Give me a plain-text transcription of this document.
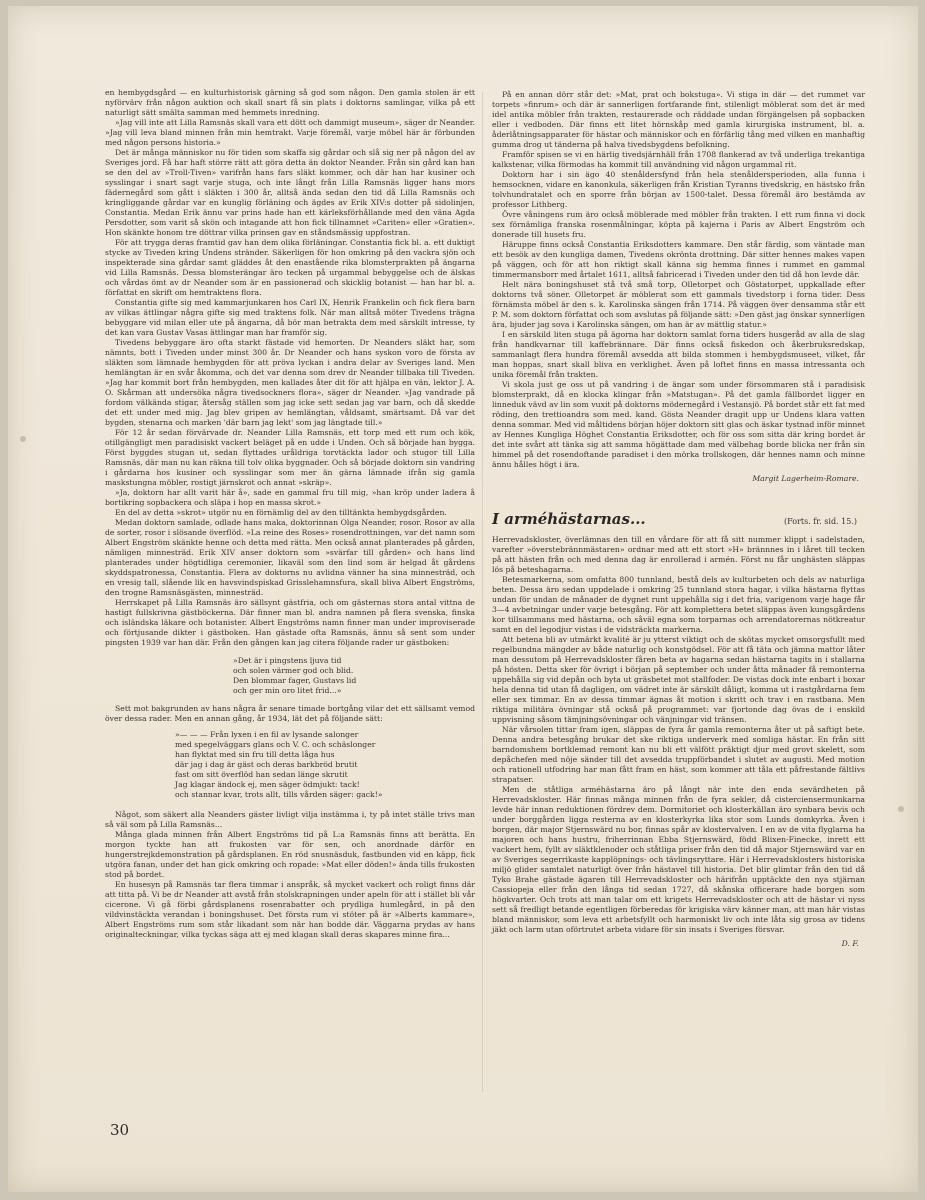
en hembygdsgård — en kulturhistorisk gärning så god som någon. Den gamla stolen är ett nyförvärv från någon auktion och skall snart få sin plats i doktorns samlingar, vilka på ett naturligt sätt smälta samman med hemmets inredning.

»Jag vill inte att Lilla Ramsnäs skall vara ett dött och dammigt museum», säger dr Neander. »Jag vill leva bland minnen från min hemtrakt. Varje föremål, varje möbel här är förbunden med någon persons historia.»

Det är många människor nu för tiden som skaffa sig gårdar och slå sig ner på någon del av Sveriges jord. Få har haft större rätt att göra detta än doktor Neander. Från sin gård kan han se den del av »Troll-Tiven» varifrån hans fars släkt kommer, och där han har kusiner och sysslingar i snart sagt varje stuga, och inte långt från Lilla Ramsnäs ligger hans mors fädernegård som gått i släkten i 300 år, alltså ända sedan den tid då Lilla Ramsnäs och kringliggande gårdar var en kunglig förläning och ägdes av Erik XIV:s dotter på sidolinjen, Constantia. Medan Erik ännu var prins hade han ett kärleksförhållande med den väna Agda Persdotter, som varit så skön och intagande att hon fick tillnamnet »Cariten» eller »Gratien». Hon skänkte honom tre döttrar vilka prinsen gav en ståndsmässig uppfostran.

För att trygga deras framtid gav han dem olika förläningar. Constantia fick bl. a. ett duktigt stycke av Tiveden kring Undens stränder. Säkerligen för hon omkring på den vackra sjön och inspekterade sina gårdar samt gläddes åt den enastående rika blomsterprakten på ängarna vid Lilla Ramsnäs. Dessa blomsterängar äro tecken på urgammal bebyggelse och de älskas och vårdas ömt av dr Neander som är en passionerad och skicklig botanist — han har bl. a. författat en skrift om hemtraktens flora.

Constantia gifte sig med kammarjunkaren hos Carl IX, Henrik Frankelin och fick flera barn av vilkas ättlingar några gifte sig med traktens folk. När man alltså möter Tivedens trägna bebyggare vid milan eller ute på ängarna, då bör man betrakta dem med särskilt intresse, ty det kan vara Gustav Vasas ättlingar man har framför sig.

Tivedens bebyggare äro ofta starkt fästade vid hemorten. Dr Neanders släkt har, som nämnts, bott i Tiveden under minst 300 år. Dr Neander och hans syskon voro de första av släkten som lämnade hembygden för att pröva lyckan i andra delar av Sveriges land. Men hemlängtan är en svår åkomma, och det var denna som drev dr Neander tillbaka till Tiveden. »Jag har kommit bort från hembygden, men kallades åter dit för att hjälpa en vän, lektor J. A. O. Skårman att undersöka några tivedsockners flora», säger dr Neander. »Jag vandrade på fordom välkända stigar, återsåg ställen som jag icke sett sedan jag var barn, och då skedde det ett under med mig. Jag blev gripen av hemlängtan, våldsamt, smärtsamt. Då var det bygden, stenarna och marken 'där barn jag lekt' som jag längtade till.»

För 12 år sedan förvärvade dr. Neander Lilla Ramsnäs, ett torp med ett rum och kök, otillgängligt men paradisiskt vackert beläget på en udde i Unden. Och så började han bygga. Först byggdes stugan ut, sedan flyttades uråldriga torvtäckta lador och stugor till Lilla Ramsnäs, där man nu kan räkna till tolv olika byggnader. Och så började doktorn sin vandring i gårdarna hos kusiner och sysslingar som mer än gärna lämnade ifrån sig gamla maskstungna möbler, rostigt järnskrot och annat »skräp».

»Ja, doktorn har allt varit här å», sade en gammal fru till mig, »han kröp under ladera å bortikring sopbackera och släpa i hop en massa skrot.»

En del av detta »skrot» utgör nu en förnämlig del av den tilltänkta hembygdsgården.

Medan doktorn samlade, odlade hans maka, doktorinnan Olga Neander, rosor. Rosor av alla de sorter, rosor i slösande överflöd. »La reine des Roses» rosendrottningen, var det namn som Albert Engström skänkte henne och detta med rätta. Men också annat planterades på gården, nämligen minnesträd. Erik XIV anser doktorn som »svärfar till gården» och hans lind planterades under högtidliga ceremonier, likaväl som den lind som är helgad åt gårdens skyddspatronessa, Constantia. Flera av doktorns nu avlidna vänner ha sina minnesträd, och en vresig tall, slående lik en havsvindspiskad Grisslehamnsfura, skall bliva Albert Engströms, den trogne Ramsnäsgästen, minnesträd.

Herrskapet på Lilla Ramsnäs äro sällsynt gästfria, och om gästernas stora antal vittna de hastigt fullskrivna gästböckerna. Där finner man bl. andra namnen på flera svenska, finska och isländska läkare och botanister. Albert Engströms namn finner man under improviserade och förtjusande dikter i gästboken. Han gästade ofta Ramsnäs, ännu så sent som under pingsten 1939 var han där. Från den gången kan jag citera följande rader ur gästboken:

»Det är i pingstens ljuva tid
och solen värmer god och blid.
Den blommar fager, Gustavs lid
och ger min oro litet frid...»

Sett mot bakgrunden av hans några år senare timade bortgång vilar det ett sällsamt vemod över dessa rader. Men en annan gång, år 1934, lät det på följande sätt:

»— — — Från lyxen i en fil av lysande salonger
med spegelväggars glans och V. C. och schäslonger
han flyktat med sin fru till detta låga hus
där jag i dag är gäst och deras barkbröd brutit
fast om sitt överflöd han sedan länge skrutit
Jag klagar ändock ej, men säger ödmjukt: tack!
och stannar kvar, trots allt, tills vården säger: gack!»

Något, som säkert alla Neanders gäster livligt vilja instämma i, ty på intet ställe trivs man så väl som på Lilla Ramsnäs...

Många glada minnen från Albert Engströms tid på L:a Ramsnäs finns att berätta. En morgon tyckte han att frukosten var för sen, och anordnade därför en hungerstrejkdemonstration på gårdsplanen. En röd snusnäsduk, fastbunden vid en käpp, fick utgöra fanan, under det han gick omkring och ropade: »Mat eller döden!» ända tills frukosten stod på bordet.

En husesyn på Ramsnäs tar flera timmar i anspråk, så mycket vackert och roligt finns där att titta på. Vi be dr Neander att avstå från stolskrapningen under apeln för att i stället bli vår cicerone. Vi gå förbi gårdsplanens rosenrabatter och prydliga humlegård, in på den vildvinstäckta verandan i boningshuset. Det första rum vi stöter på är »Alberts kammare», Albert Engströms rum som står likadant som när han bodde där. Väggarna prydas av hans originalteckningar, vilka tyckas säga att ej med klagan skall deras skapares minne fira...

30

På en annan dörr står det: »Mat, prat och bokstuga». Vi stiga in där — det rummet var torpets »finrum» och där är sannerligen fortfarande fint, stilenligt möblerat som det är med idel antika möbler från trakten, restaurerade och räddade undan förgängelsen på sopbacken eller i vedboden. Där finns ett litet hörnskåp med gamla kirurgiska instrument, bl. a. åderlåtningsapparater för hästar och människor och en förfärlig tång med vilken en manhaftig gumma drog ut tänderna på halva tivedsbygdens befolkning.

Framför spisen se vi en härlig tivedsjärnhäll från 1708 flankerad av två underliga trekantiga kalkstenar, vilka förmodas ha kommit till användning vid någon urgammal rit.

Doktorn har i sin ägo 40 stenåldersfynd från hela stenåldersperioden, alla funna i hemsocknen, vidare en kanonkula, säkerligen från Kristian Tyranns tivedskrig, en hästsko från tolvhundratalet och en sporre från början av 1500-talet. Dessa föremål äro bestämda av professor Lithberg.

Övre våningens rum äro också möblerade med möbler från trakten. I ett rum finna vi dock sex förnämliga franska rosenmålningar, köpta på kajerna i Paris av Albert Engström och donerade till husets fru.

Häruppe finns också Constantia Eriksdotters kammare. Den står färdig, som väntade man ett besök av den kungliga damen, Tivedens okrönta drottning. Där sitter hennes makes vapen på väggen, och för att hon riktigt skall känna sig hemma finnes i rummet en gammal timmermansborr med årtalet 1611, alltså fabricerad i Tiveden under den tid då hon levde där.

Helt nära boningshuset stå två små torp, Olletorpet och Göstatorpet, uppkallade efter doktorns två söner. Olletorpet är möblerat som ett gammals tivedstorp i forna tider. Dess förnämsta möbel är den s. k. Karolinska sängen från 1714. På väggen över densamma står ett P. M. som doktorn författat och som avslutas på följande sätt: »Den gäst jag önskar synnerligen ära, bjuder jag sova i Karolinska sängen, om han är av mättlig statur.»

I en särskild liten stuga på ägorna har doktorn samlat forna tiders husgeråd av alla de slag från handkvarnar till kaffebrännare. Där finns också fiskedon och åkerbruksredskap, sammanlagt flera hundra föremål avsedda att bilda stommen i hembygdsmuseet, vilket, får man hoppas, snart skall bliva en verklighet. Även på loftet finns en massa intressanta och unika föremål från trakten.

Vi skola just ge oss ut på vandring i de ängar som under försommaren stå i paradisisk blomsterprakt, då en klocka klingar från »Matstugan». På det gamla fällbordet ligger en linneduk vävd av lin som vuxit på doktorns mödernegård i Vestansjö. På bordet står ett fat med röding, den trettioandra som med. kand. Gösta Neander dragit upp ur Undens klara vatten denna sommar. Med vid måltidens början höjer doktorn sitt glas och äskar tystnad inför minnet av Hennes Kungliga Höghet Constantia Eriksdotter, och för oss som sitta där kring bordet är det inte svårt att tänka sig att samma högättade dam med välbehag borde blicka ner från sin himmel på det rosendoftande paradiset i den mörka trollskogen, där hennes namn och minne ännu hålles högt i ära.

Margit Lagerheim-Romare.
I arméhästarnas...	(Forts. fr. sid. 15.)

Herrevadskloster, överlämnas den till en vårdare för att få sitt nummer klippt i sadelstaden, varefter »överstebrännmästaren» ordnar med att ett stort »H» brännnes in i låret till tecken på att hästen från och med denna dag är enrollerad i armén. Först nu får unghästen släppas lös på beteshagarna.

Betesmarkerna, som omfatta 800 tunnland, bestå dels av kulturbeten och dels av naturliga beten. Dessa äro sedan uppdelade i omkring 25 tunnland stora hagar, i vilka hästarna flyttas undan för undan de månader de dygnet runt uppehålla sig i det fria, varigenom varje hage får 3—4 avbetningar under varje betesgång. För att komplettera betet släppas även kungsgårdens kor tillsammans med hästarna, och såväl egna som torparnas och arrendatorernas nötkreatur samt en del legodjur vistas i de vidsträckta markerna.

Att betena bli av utmärkt kvalité är ju ytterst viktigt och de skötas mycket omsorgsfullt med regelbundna mängder av både naturlig och konstgödsel. För att få täta och jämna mattor låter man dessutom på Herrevadskloster fåren beta av hagarna sedan hästarna tagits in i stallarna på hösten. Detta sker för övrigt i början på september och under åtta månader få remonterna uppehålla sig vid depån och byta ut gräsbetet mot stallfoder. De vistas dock inte enbart i boxar hela denna tid utan få dagligen, om vädret inte är särskilt dåligt, komma ut i rastgårdarna fem eller sex timmar. En av dessa timmar ägnas åt motion i skritt och trav i en rastbana. Men riktiga militära övningar stå också på programmet: var fjortonde dag övas de i enskild uppvisning såsom tämjningsövningar och vänjningar vid tränsen.

När vårsolen tittar fram igen, släppas de fyra år gamla remonterna åter ut på saftigt bete. Denna andra betesgång brukar det ske riktiga underverk med somliga hästar. En från sitt barndomshem bortklemad remont kan nu bli ett välfött präktigt djur med grovt skelett, som depåchefen med nöje sänder till det avsedda truppförbandet i slutet av augusti. Med motion och rationell utfodring har man fått fram en häst, som kommer att tåla ett påfrestande fältlivs strapatser.

Men de ståtliga arméhästarna äro på långt när inte den enda sevärdheten på Herrevadskloster. Här finnas många minnen från de fyra sekler, då cisterciensermunkarna levde här innan reduktionen fördrev dem. Dormitoriet och klosterkällan äro synbara bevis och under borggården ligga resterna av en klosterkyrka lika stor som Lunds domkyrka. Även i borgen, där major Stjernswärd nu bor, finnas spår av klostervalven. I en av de vita flyglarna ha majoren och hans hustru, friherrinnan Ebba Stjernswärd, född Blixen-Finecke, inrett ett vackert hem, fyllt av släktklenoder och ståtliga priser från den tid då major Stjernswärd var en av Sveriges segerrikaste kapplöpnings- och tävlingsryttare. Här i Herrevadsklosters historiska miljö glider samtalet naturligt över från hästavel till historia. Det blir glimtar från den tid då Tyko Brahe gästade ägaren till Herrevadskloster och härifrån upptäckte den nya stjärnan Cassiopeja eller från den långa tid sedan 1727, då skånska officerare hade borgen som högkvarter. Och trots att man talar om ett krigets Herrevadskloster och att de hästar vi nyss sett så fredligt betande egentligen förberedas för krigiska värv känner man, att man här vistas bland människor, som leva ett arbetsfyllt och harmoniskt liv och inte låta sig grosa av tidens jäkt och larm utan oförtrutet arbeta vidare för sin insats i Sveriges försvar.

D. F.
